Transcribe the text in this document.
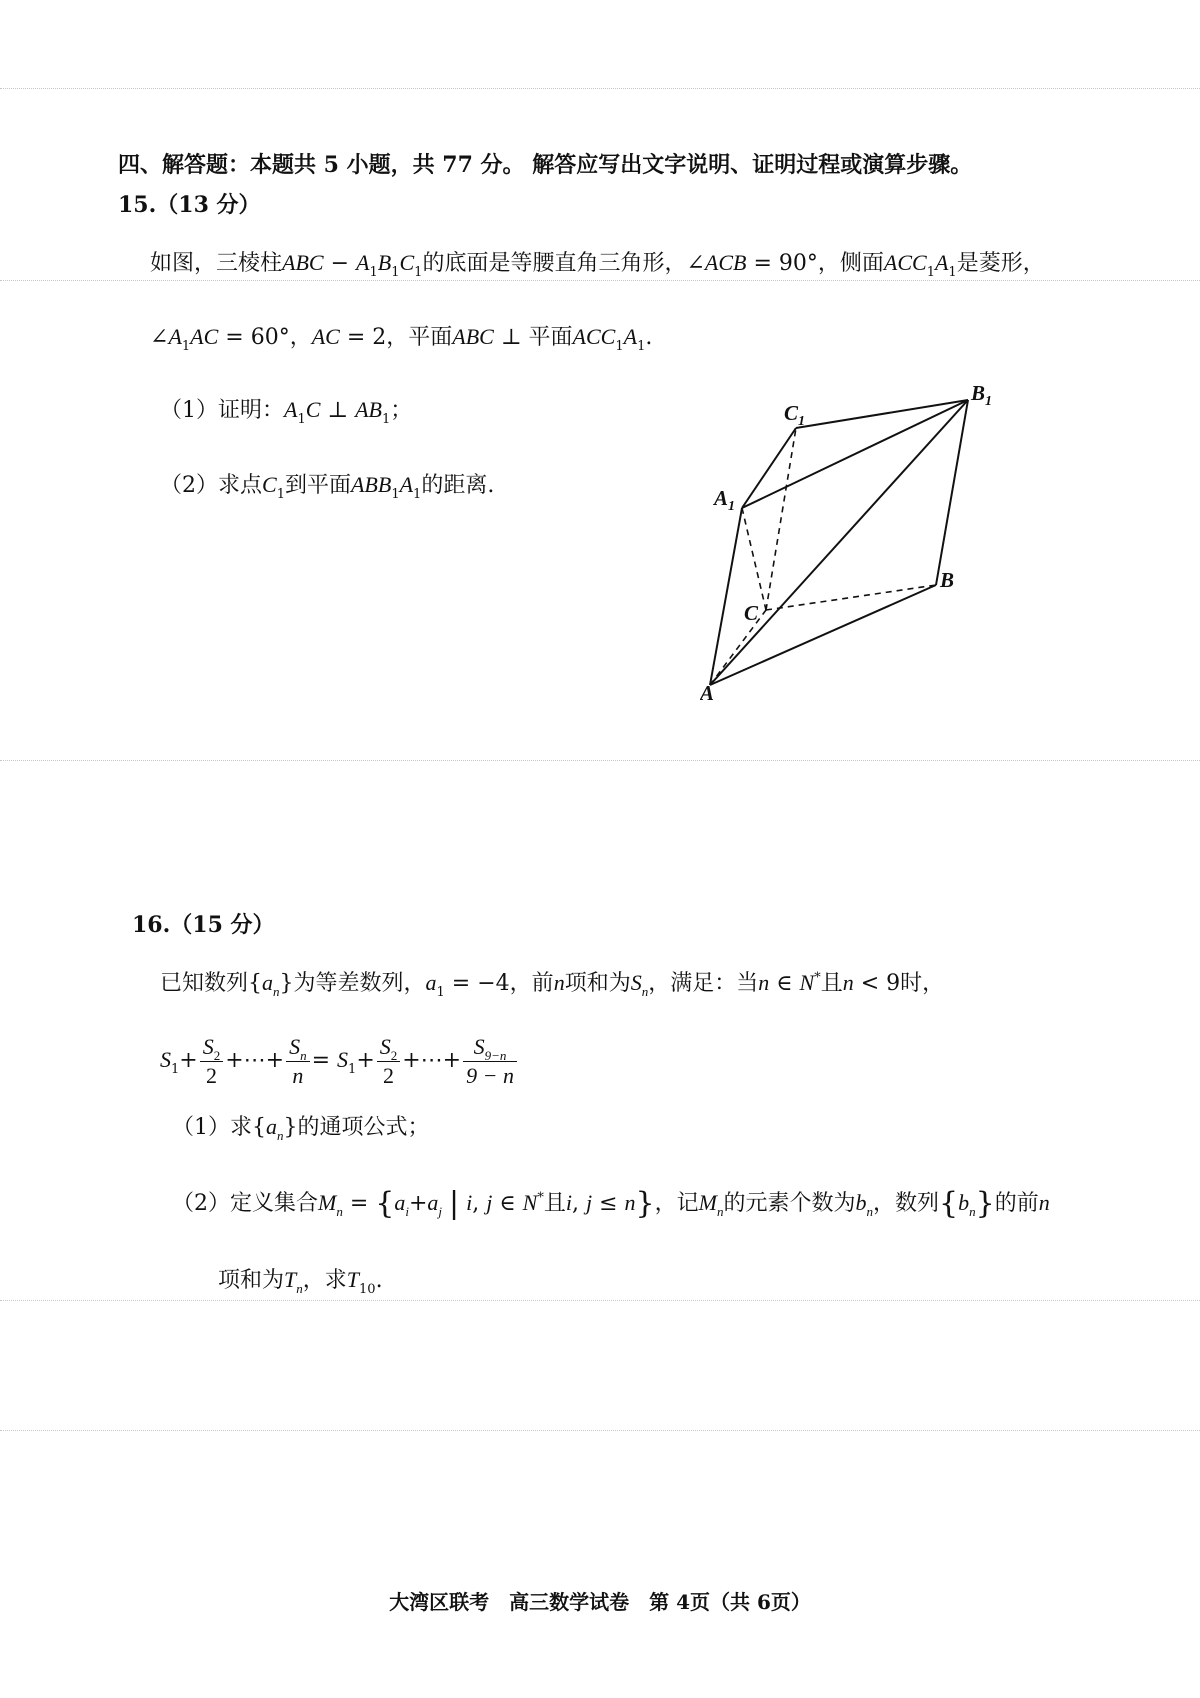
四、解答题：本题共 5 小题，共 77 分。 解答应写出文字说明、证明过程或演算步骤。
15.（13 分）
如图，三棱柱ABC − $A_1B_1C_1$的底面是等腰直角三角形，∠ACB = 90°，侧面$ACC_1A_1$是菱形，
$\angle A_1AC = 60^\circ$，AC = 2，平面ABC ⊥ 平面$ACC_1A_1$.
（1）证明：$A_1C$ ⊥ $AB_1$；
（2）求点$C_1$到平面$ABB_1A_1$的距离.
A
B
C
$A_1$
$C_1$
$B_1$
16.（15 分）
已知数列$\{a_n\}$为等差数列，$a_1 = -4$，前n项和为$S_n$，满足：当n ∈ N*且n < 9时，
$S_1+ \frac{S_2}{2}$ +⋯+ $\frac{S_n}{n} = S_1+ \frac{S_2}{2}$ +⋯+ $\frac{S_{9-n}}{9 - n}$
（1）求$\{a_n\}$的通项公式；
（2）定义集合$M_n = \{a_i+a_j$ | i, j ∈ N*且i, j ≤ n}，记$M_n$的元素个数为$b_n$，数列$\{b_n\}$的前n
项和为$T_n$，求$T_{10}$.
大湾区联考　高三数学试卷　第 4页（共 6页）
